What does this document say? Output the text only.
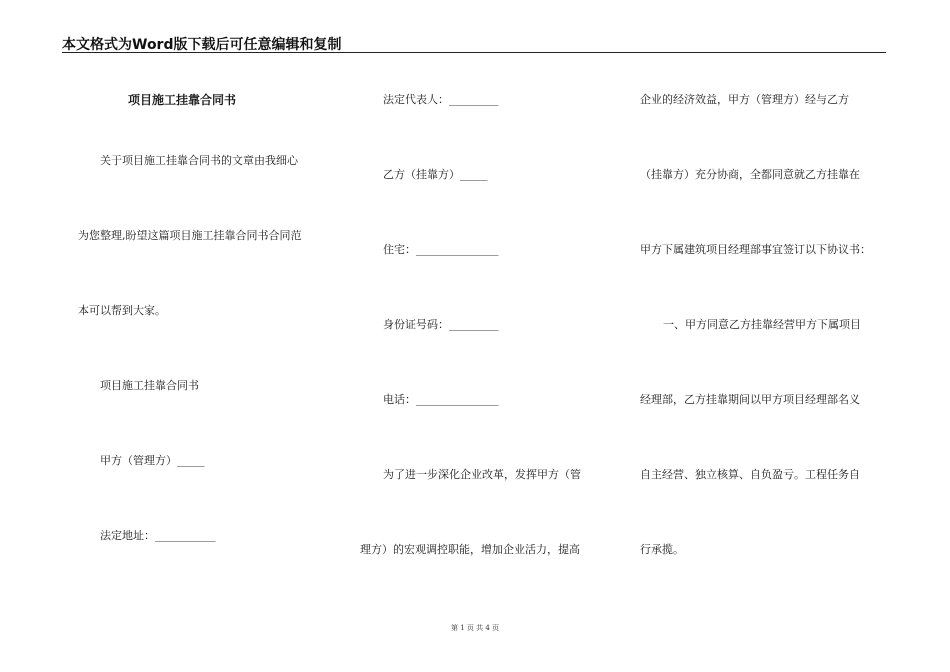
本文格式为Word版下载后可任意编辑和复制
项目施工挂靠合同书
关于项目施工挂靠合同书的文章由我细心
为您整理,盼望这篇项目施工挂靠合同书合同范
本可以帮到大家。
项目施工挂靠合同书
甲方（管理方）_____
法定地址：___________
法定代表人：_________
乙方（挂靠方）_____
住宅：_______________
身份证号码：_________
电话：_______________
为了进一步深化企业改革，发挥甲方（管
理方）的宏观调控职能，增加企业活力，提高
企业的经济效益，甲方（管理方）经与乙方
（挂靠方）充分协商，全都同意就乙方挂靠在
甲方下属建筑项目经理部事宜签订以下协议书：
一、甲方同意乙方挂靠经营甲方下属项目
经理部，乙方挂靠期间以甲方项目经理部名义
自主经营、独立核算、自负盈亏。工程任务自
行承揽。
第 1 页 共 4 页
